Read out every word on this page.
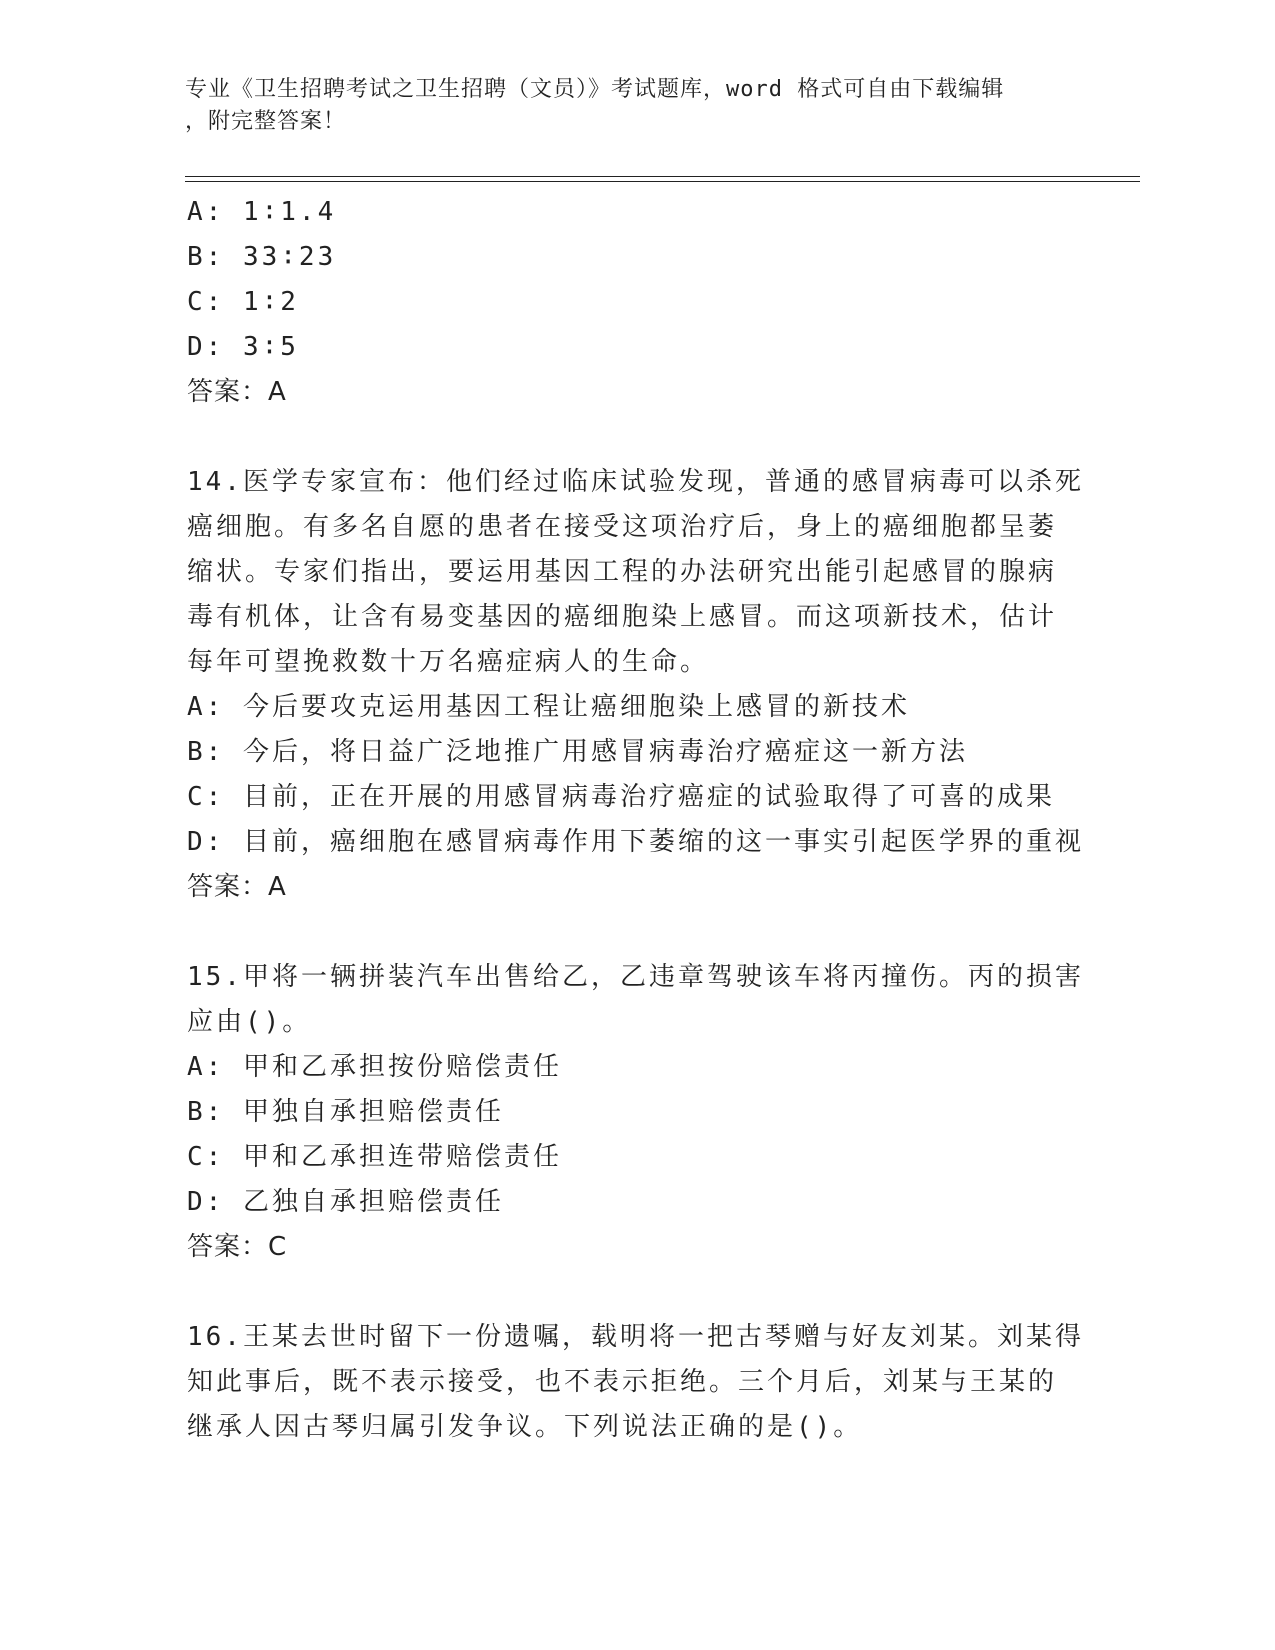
专业《卫生招聘考试之卫生招聘（文员）》考试题库，word 格式可自由下载编辑
，附完整答案！
A: 1∶1.4
B: 33∶23
C: 1∶2
D: 3∶5
答案：A
14.医学专家宣布：他们经过临床试验发现，普通的感冒病毒可以杀死
癌细胞。有多名自愿的患者在接受这项治疗后，身上的癌细胞都呈萎
缩状。专家们指出，要运用基因工程的办法研究出能引起感冒的腺病
毒有机体，让含有易变基因的癌细胞染上感冒。而这项新技术，估计
每年可望挽救数十万名癌症病人的生命。
A: 今后要攻克运用基因工程让癌细胞染上感冒的新技术
B: 今后，将日益广泛地推广用感冒病毒治疗癌症这一新方法
C: 目前，正在开展的用感冒病毒治疗癌症的试验取得了可喜的成果
D: 目前，癌细胞在感冒病毒作用下萎缩的这一事实引起医学界的重视
答案：A
15.甲将一辆拼装汽车出售给乙，乙违章驾驶该车将丙撞伤。丙的损害
应由()。
A: 甲和乙承担按份赔偿责任
B: 甲独自承担赔偿责任
C: 甲和乙承担连带赔偿责任
D: 乙独自承担赔偿责任
答案：C
16.王某去世时留下一份遗嘱，载明将一把古琴赠与好友刘某。刘某得
知此事后，既不表示接受，也不表示拒绝。三个月后，刘某与王某的
继承人因古琴归属引发争议。下列说法正确的是()。
